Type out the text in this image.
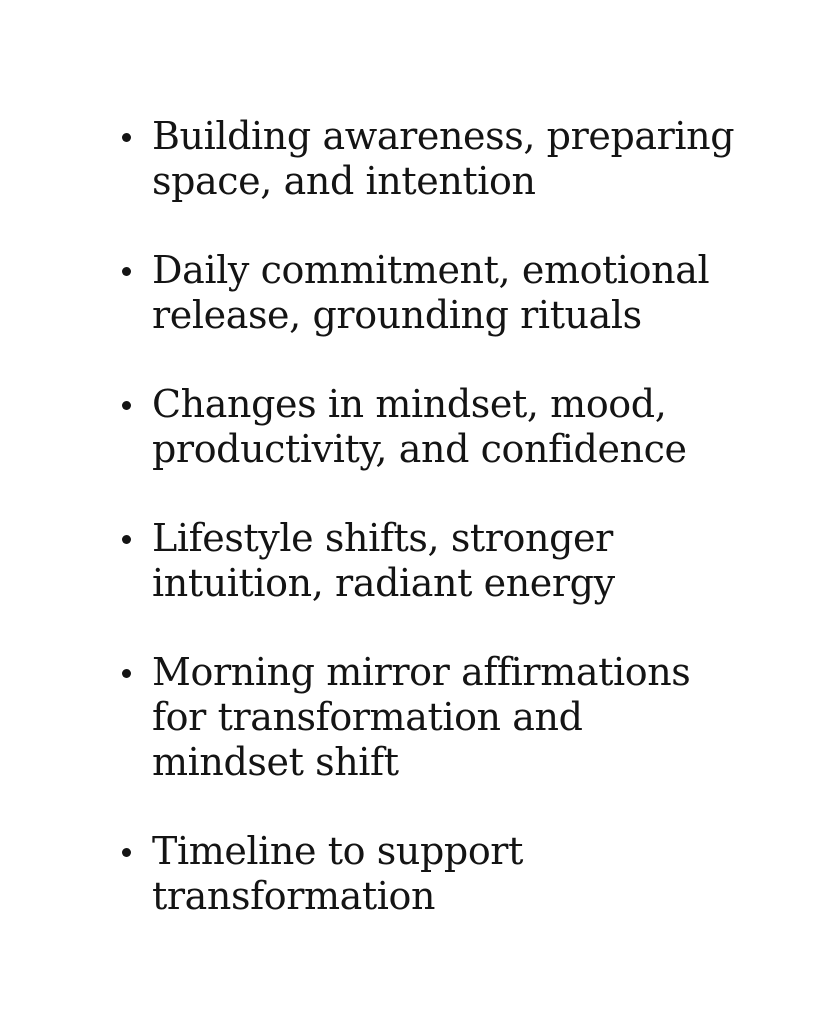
Building awareness, preparing
space, and intention
Daily commitment, emotional
release, grounding rituals
Changes in mindset, mood,
productivity, and confidence
Lifestyle shifts, stronger
intuition, radiant energy
Morning mirror affirmations
for transformation and
mindset shift
Timeline to support
transformation
